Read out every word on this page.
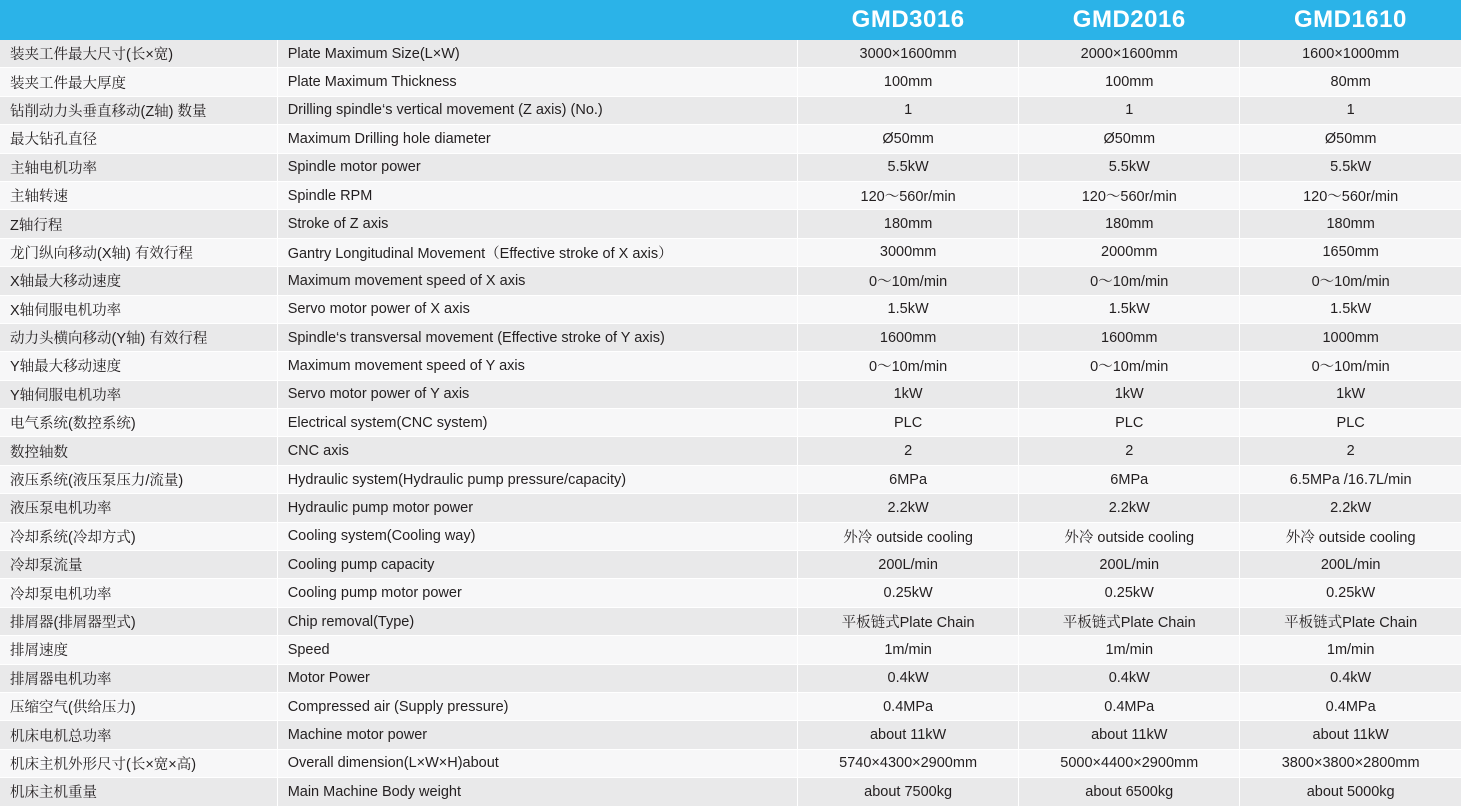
		GMD3016	GMD2016	GMD1610
装夹工件最大尺寸(长×宽)	Plate Maximum Size(L×W)	3000×1600mm	2000×1600mm	1600×1000mm
装夹工件最大厚度	Plate Maximum Thickness	100mm	100mm	80mm
钻削动力头垂直移动(Z轴) 数量	Drilling spindle‘s vertical movement (Z axis) (No.)	1	1	1
最大钻孔直径	Maximum Drilling hole diameter	Ø50mm	Ø50mm	Ø50mm
主轴电机功率	Spindle motor power	5.5kW	5.5kW	5.5kW
主轴转速	Spindle RPM	120～560r/min	120～560r/min	120～560r/min
Z轴行程	Stroke of Z axis	180mm	180mm	180mm
龙门纵向移动(X轴) 有效行程	Gantry Longitudinal Movement（Effective stroke of X axis）	3000mm	2000mm	1650mm
X轴最大移动速度	Maximum movement speed of X axis	0～10m/min	0～10m/min	0～10m/min
X轴伺服电机功率	Servo motor power of X axis	1.5kW	1.5kW	1.5kW
动力头横向移动(Y轴) 有效行程	Spindle‘s transversal movement (Effective stroke of Y axis)	1600mm	1600mm	1000mm
Y轴最大移动速度	Maximum movement speed of Y axis	0～10m/min	0～10m/min	0～10m/min
Y轴伺服电机功率	Servo motor power of Y axis	1kW	1kW	1kW
电气系统(数控系统)	Electrical system(CNC system)	PLC	PLC	PLC
数控轴数	CNC axis	2	2	2
液压系统(液压泵压力/流量)	Hydraulic system(Hydraulic pump pressure/capacity)	6MPa	6MPa	6.5MPa /16.7L/min
液压泵电机功率	Hydraulic pump motor power	2.2kW	2.2kW	2.2kW
冷却系统(冷却方式)	Cooling system(Cooling way)	外冷 outside cooling	外冷 outside cooling	外冷 outside cooling
冷却泵流量	Cooling pump capacity	200L/min	200L/min	200L/min
冷却泵电机功率	Cooling pump motor power	0.25kW	0.25kW	0.25kW
排屑器(排屑器型式)	Chip removal(Type)	平板链式Plate Chain	平板链式Plate Chain	平板链式Plate Chain
排屑速度	Speed	1m/min	1m/min	1m/min
排屑器电机功率	Motor Power	0.4kW	0.4kW	0.4kW
压缩空气(供给压力)	Compressed air (Supply pressure)	0.4MPa	0.4MPa	0.4MPa
机床电机总功率	Machine motor power	about 11kW	about 11kW	about 11kW
机床主机外形尺寸(长×宽×高)	Overall dimension(L×W×H)about	5740×4300×2900mm	5000×4400×2900mm	3800×3800×2800mm
机床主机重量	Main Machine Body weight	about 7500kg	about 6500kg	about 5000kg
